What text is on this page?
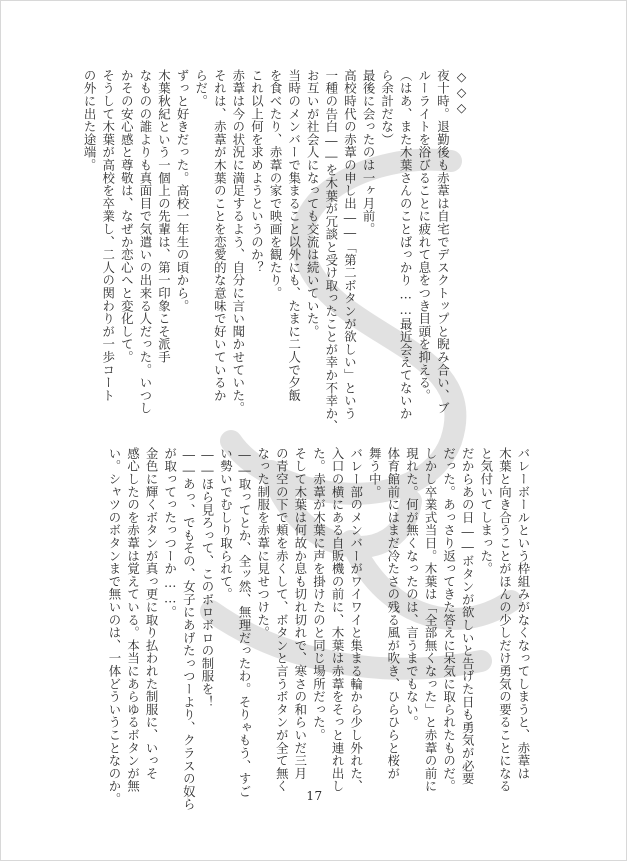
◇◇◇
夜十時。退勤後も赤葦は自宅でデスクトップと睨み合い、ブ
ルーライトを浴びることに疲れて息をつき目頭を抑える。
（はあ、また木葉さんのことばっかり……最近会えてないか
ら余計だな）
最後に会ったのは一ヶ月前。
高校時代の赤葦の申し出――「第二ボタンが欲しい」という
一種の告白――を木葉が冗談と受け取ったことが幸か不幸か、
お互いが社会人になっても交流は続いていた。
当時のメンバーで集まること以外にも、たまに二人で夕飯
を食べたり、赤葦の家で映画を観たり。
これ以上何を求めようというのか？
赤葦は今の状況に満足するよう、自分に言い聞かせていた。
それは、赤葦が木葉のことを恋愛的な意味で好いているか
らだ。
ずっと好きだった。高校一年生の頃から。
木葉秋紀という一個上の先輩は、第一印象こそ派手
なものの誰よりも真面目で気遣いの出来る人だった。いつし
かその安心感と尊敬は、なぜか恋心へと変化して。
そうして木葉が高校を卒業し、二人の関わりが一歩コート
の外に出た途端。
バレーボールという枠組みがなくなってしまうと、赤葦は
木葉と向き合うことがほんの少しだけ勇気の要ることになる
と気付いてしまった。
だからあの日――ボタンが欲しいと告げた日も勇気が必要
だった。あっさり返ってきた答えに呆気に取られたものだ。
しかし卒業式当日。木葉は「全部無くなった」と赤葦の前に
現れた。何が無くなったのは、言うまでもない。
体育館前にはまだ冷たさの残る風が吹き、ひらひらと桜が
舞う中。
バレー部のメンバーがワイワイと集まる輪から少し外れた、
入口の横にある自販機の前に、木葉は赤葦をそっと連れ出し
た。赤葦が木葉に声を掛けたのと同じ場所だった。
そして木葉は何故か息も切れ切れで、寒さの和らいだ三月
の青空の下で頬を赤くして、ボタンと言うボタンが全て無く
なった制服を赤葦に見せつけた。
――取ってとか、全ッ然、無理だったわ。そりゃもう、すご
い勢いでむしり取られて。
――ほら見ろって、このボロボロの制服を！
――あっ、でもその、女子にあげたっつーより、クラスの奴ら
が取ってったっつーか……。
金色に輝くボタンが真っ更に取り払われた制服に、いっそ
感心したのを赤葦は覚えている。本当にあらゆるボタンが無
い。シャツのボタンまで無いのは、一体どういうことなのか。	17
